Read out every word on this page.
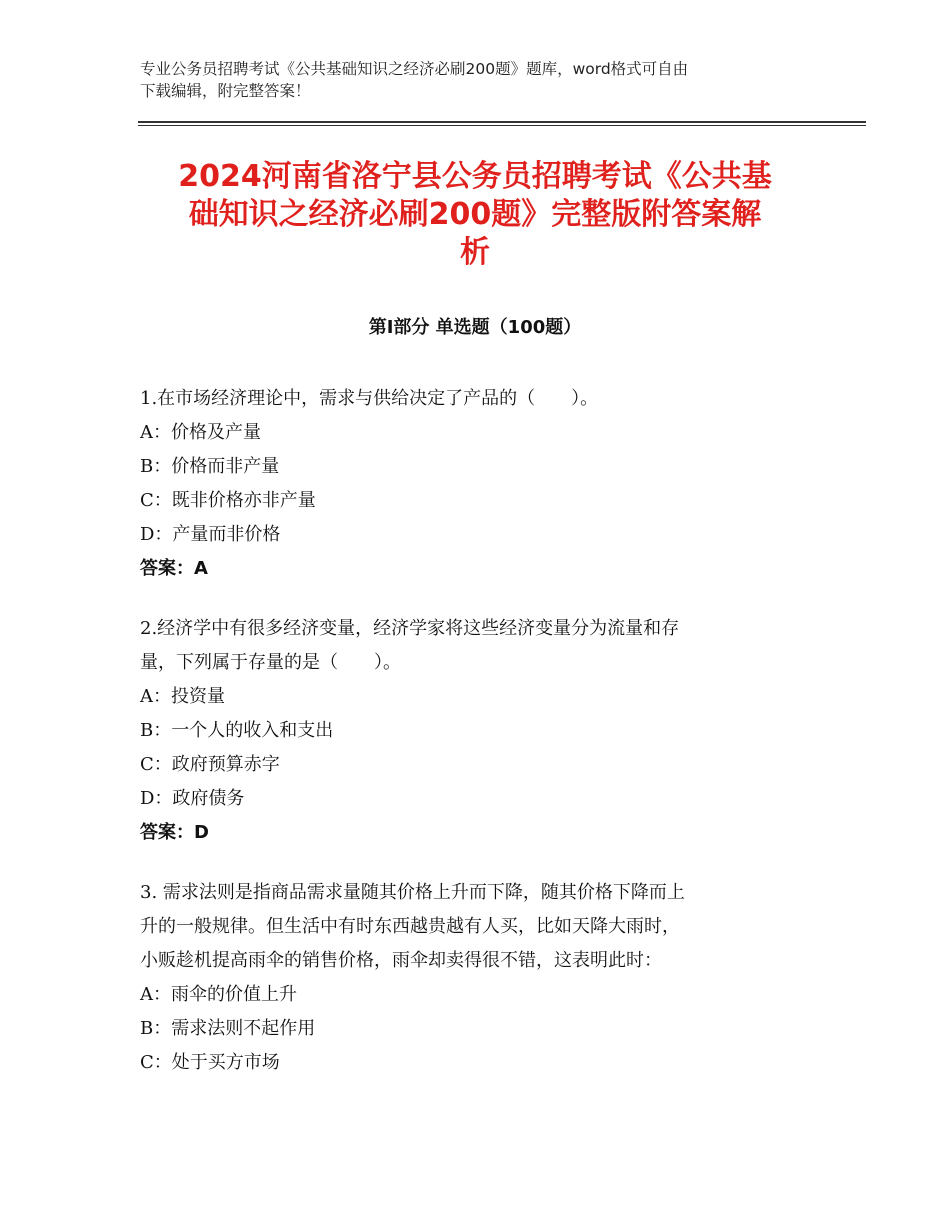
专业公务员招聘考试《公共基础知识之经济必刷200题》题库，word格式可自由
下载编辑，附完整答案！
2024河南省洛宁县公务员招聘考试《公共基
础知识之经济必刷200题》完整版附答案解
析
第Ⅰ部分 单选题（100题）
1.在市场经济理论中，需求与供给决定了产品的（　　）。
A：价格及产量
B：价格而非产量
C：既非价格亦非产量
D：产量而非价格
答案：A
2.经济学中有很多经济变量，经济学家将这些经济变量分为流量和存
量，下列属于存量的是（　　）。
A：投资量
B：一个人的收入和支出
C：政府预算赤字
D：政府债务
答案：D
3. 需求法则是指商品需求量随其价格上升而下降，随其价格下降而上
升的一般规律。但生活中有时东西越贵越有人买，比如天降大雨时，
小贩趁机提高雨伞的销售价格，雨伞却卖得很不错，这表明此时：
A：雨伞的价值上升
B：需求法则不起作用
C：处于买方市场
